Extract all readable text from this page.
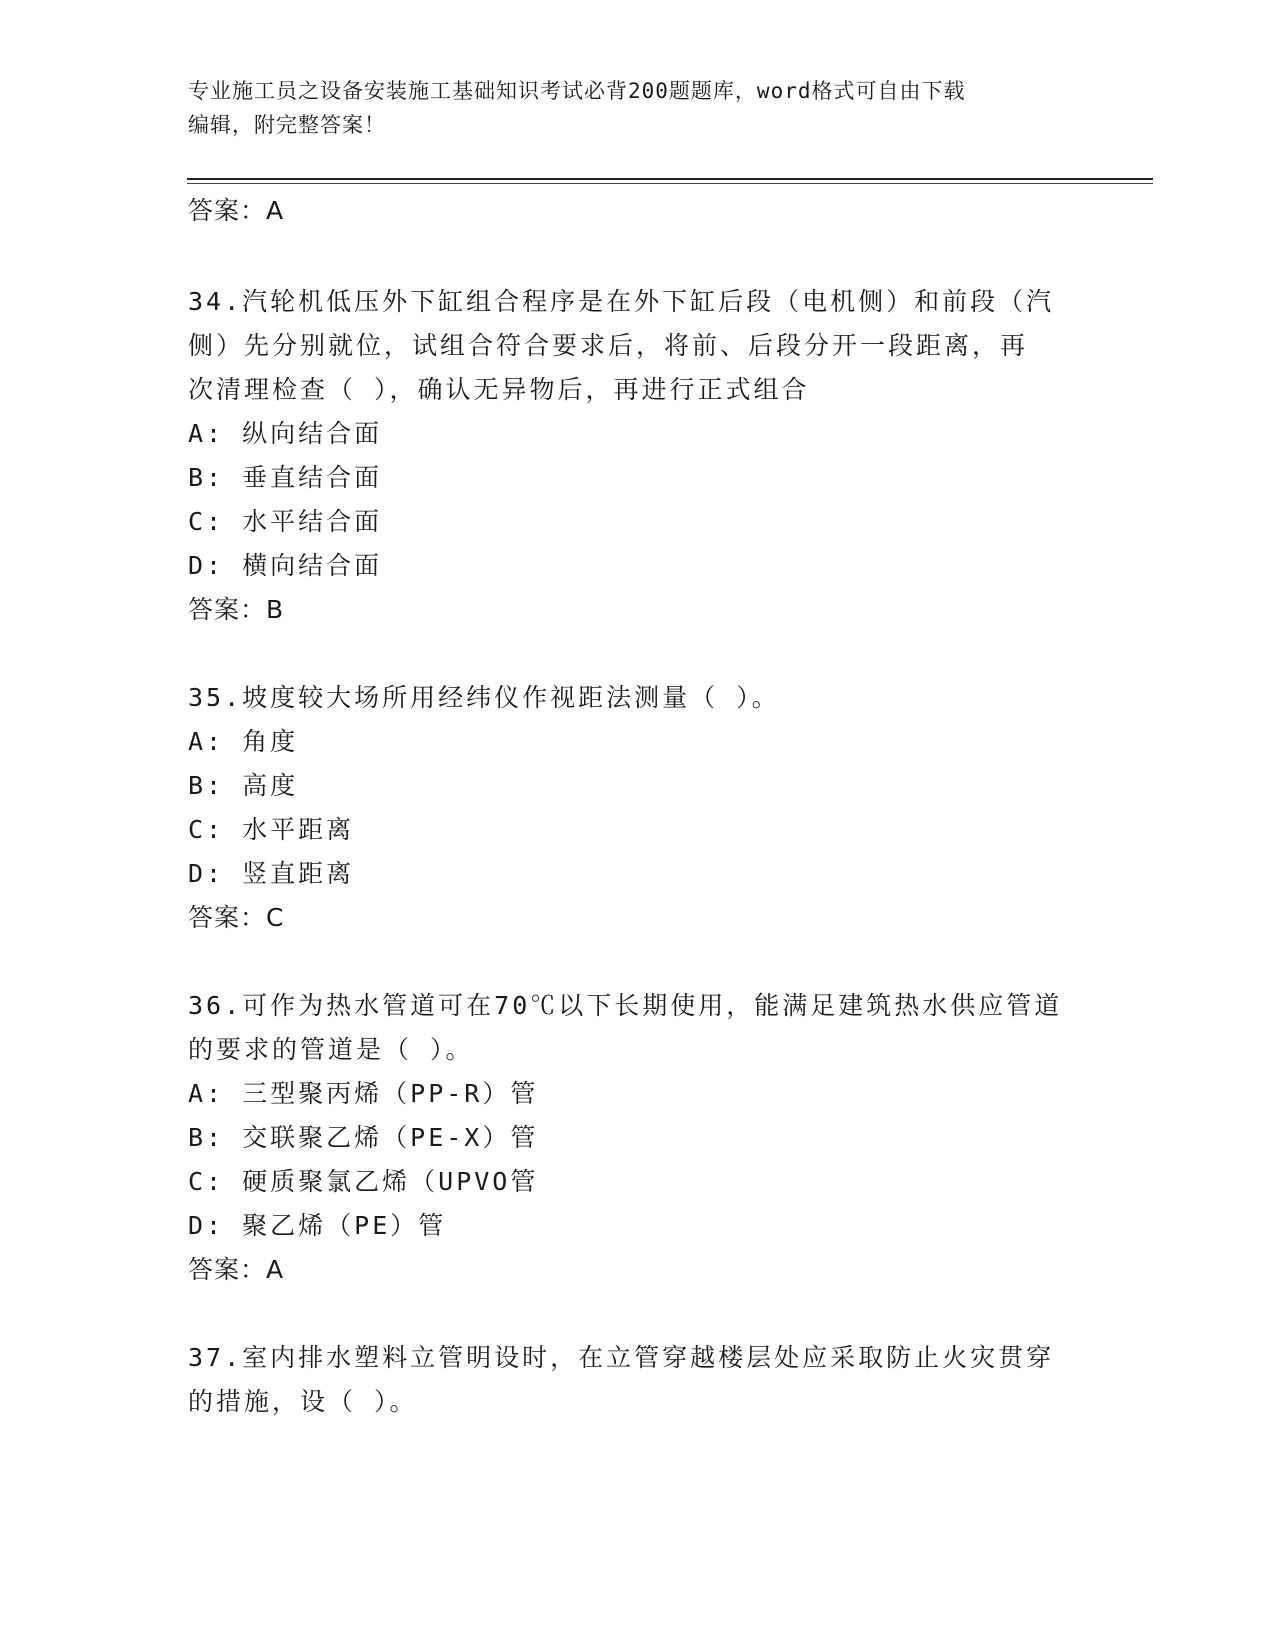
专业施工员之设备安装施工基础知识考试必背200题题库，word格式可自由下载

编辑，附完整答案！

答案：A
34.汽轮机低压外下缸组合程序是在外下缸后段（电机侧）和前段（汽
侧）先分别就位，试组合符合要求后，将前、后段分开一段距离，再
次清理检查（ ），确认无异物后，再进行正式组合
A: 纵向结合面
B: 垂直结合面
C: 水平结合面
D: 横向结合面
答案：B
35.坡度较大场所用经纬仪作视距法测量（ ）。
A: 角度
B: 高度
C: 水平距离
D: 竖直距离
答案：C
36.可作为热水管道可在70℃以下长期使用，能满足建筑热水供应管道
的要求的管道是（ ）。
A: 三型聚丙烯（PP-R）管
B: 交联聚乙烯（PE-X）管
C: 硬质聚氯乙烯（UPVO管
D: 聚乙烯（PE）管
答案：A
37.室内排水塑料立管明设时，在立管穿越楼层处应采取防止火灾贯穿
的措施，设（ ）。
